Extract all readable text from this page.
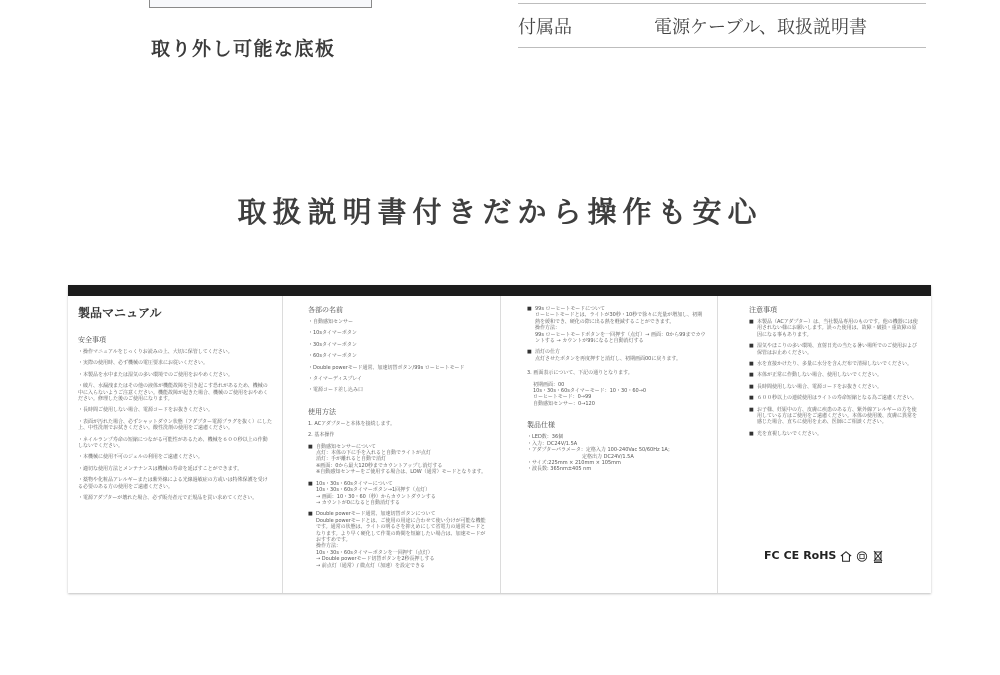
取り外し可能な底板
付属品	電源ケーブル、取扱説明書
取扱説明書付きだから操作も安心
製品マニュアル
安全事項
・操作マニュアルをじっくりお読みの上、大切に保管してください。
・実際の使用時、必ず機械の電圧要求にお従いください。
・本製品を水中または湿気の多い環境でのご使用をおやめください。
・破片、水漏洩またはその他の液体が機能故障を引き起こす恐れがあるため、機械の中に入らないようご注意ください。機能故障が起きた場合、機械のご使用をおやめください。修理した後のご使用になります。
・長時間ご使用しない場合、電源コードをお抜きください。
・表面が汚れた場合、必ずシャットダウン状態（アダプター電源プラグを抜く）にした上、中性洗剤でお拭きください。酸性洗剤の使用をご遠慮ください。
・ネイルランプ寿命の短縮につながる可能性があるため、機械を６００秒以上の作動しないでください。
・本機械に使用不可のジェルの利用をご遠慮ください。
・適切な使用方法とメンテナンスは機械の寿命を延ばすことができます。
・薬物や化粧品アレルギーまたは紫外線による光線過敏症の方或いは特殊保護を受ける必要のある方の使用をご遠慮ください。
・電源アダプターが壊れた場合、必ず販売者元で正規品を買い求めてください。
各部の名前
・自動感知センサー
・10sタイマーボタン
・30sタイマーボタン
・60sタイマーボタン
・Double powerモード通常、加速切替ボタン/99s ローヒートモード
・タイマーディスプレイ
・電源コード差し込み口
使用方法
1. ACアダプターと本体を接続します。
2. 基本操作
■ 自動感知センサーについて
点灯：本体の下に手を入れると自動でライトが点灯
消灯：手が離れると自動で消灯
※画面：0から最大120秒までカウントアップし消灯する
※自動感知センサーをご使用する場合は、LOW（通常）モードとなります。
■ 10s・30s・60sタイマーについて
10s・30s・60sタイマーボタン→1回押す（点灯）
→ 画面：10・30・60（秒）からカウントダウンする
→ カウントが0になると自動消灯する
■ Double powerモード通常、加速切替ボタンについて
Double powerモードとは、ご使用の用途に合わせて使い分けが可能な機能です。通常の状態は、ライトの明るさを抑えめにして省電力の通常モードとなります。より早く硬化して作業の時間を短縮したい場合は、加速モードがおすすめです。
操作方法：
10s・30s・60sタイマーボタンを一回押す（点灯）
→ Double powerモード切替ボタンを2秒長押しする
→ 前点灯（通常）/ 微点灯（加速）を設定できる
■ 99s ローヒートモードについて
ローヒートモードとは、ライトが30秒・10秒で徐々に光量が増加し、初期熱を緩和でき、硬化の際に出る熱を軽減することができます。
操作方法：
99s ローヒートモードボタンを一回押す（点灯）→ 画面：0から99までカウントする → カウントが99になると自動消灯する
■ 消灯の仕方
点灯させたボタンを再度押すと消灯し、初期画面00に戻ります。
3. 画面表示について、下記の通りとなります。
初期画面：00
10s・30s・60sタイマーモード：10・30・60→0
ローヒートモード：0→99
自動感知センサー：0→120
製品仕様
・LED数：36個
・入力：DC24V/1.5A
・アダプターパラメータ：定格入力 100-240Vac 50/60Hz 1A；
　　　　　　　　　　　定格出力 DC24V/1.5A
・サイズ:225mm × 210mm × 105mm
・波長数: 365nm±405 nm
注意事項
■ 本製品（ACアダプター）は、当社製品専用のものです。他の機器には使用されない様にお願いします。誤った使用は、故障・破損・重故障の原因になる事もあります。
■ 湿気やほこりの多い環境、直射日光の当たる暑い場所でのご使用および保管はお止めください。
■ 水を直接かけたり、多量に水分を含んだ布で清掃しないでください。
■ 本体が正常に作動しない場合、使用しないでください。
■ 長時間使用しない場合、電源コードをお抜きください。
■ ６００秒以上の連続使用はライトの寿命短縮となる為ご遠慮ください。
■ お子様、妊娠中の方、皮膚に疾患のある方、紫外線アレルギーの方を使用している方はご使用をご遠慮ください。本体の使用後、皮膚に異常を感じた場合、直ちに使用を止め、医師にご相談ください。
■ 光を直視しないでください。
FC CE RoHS
